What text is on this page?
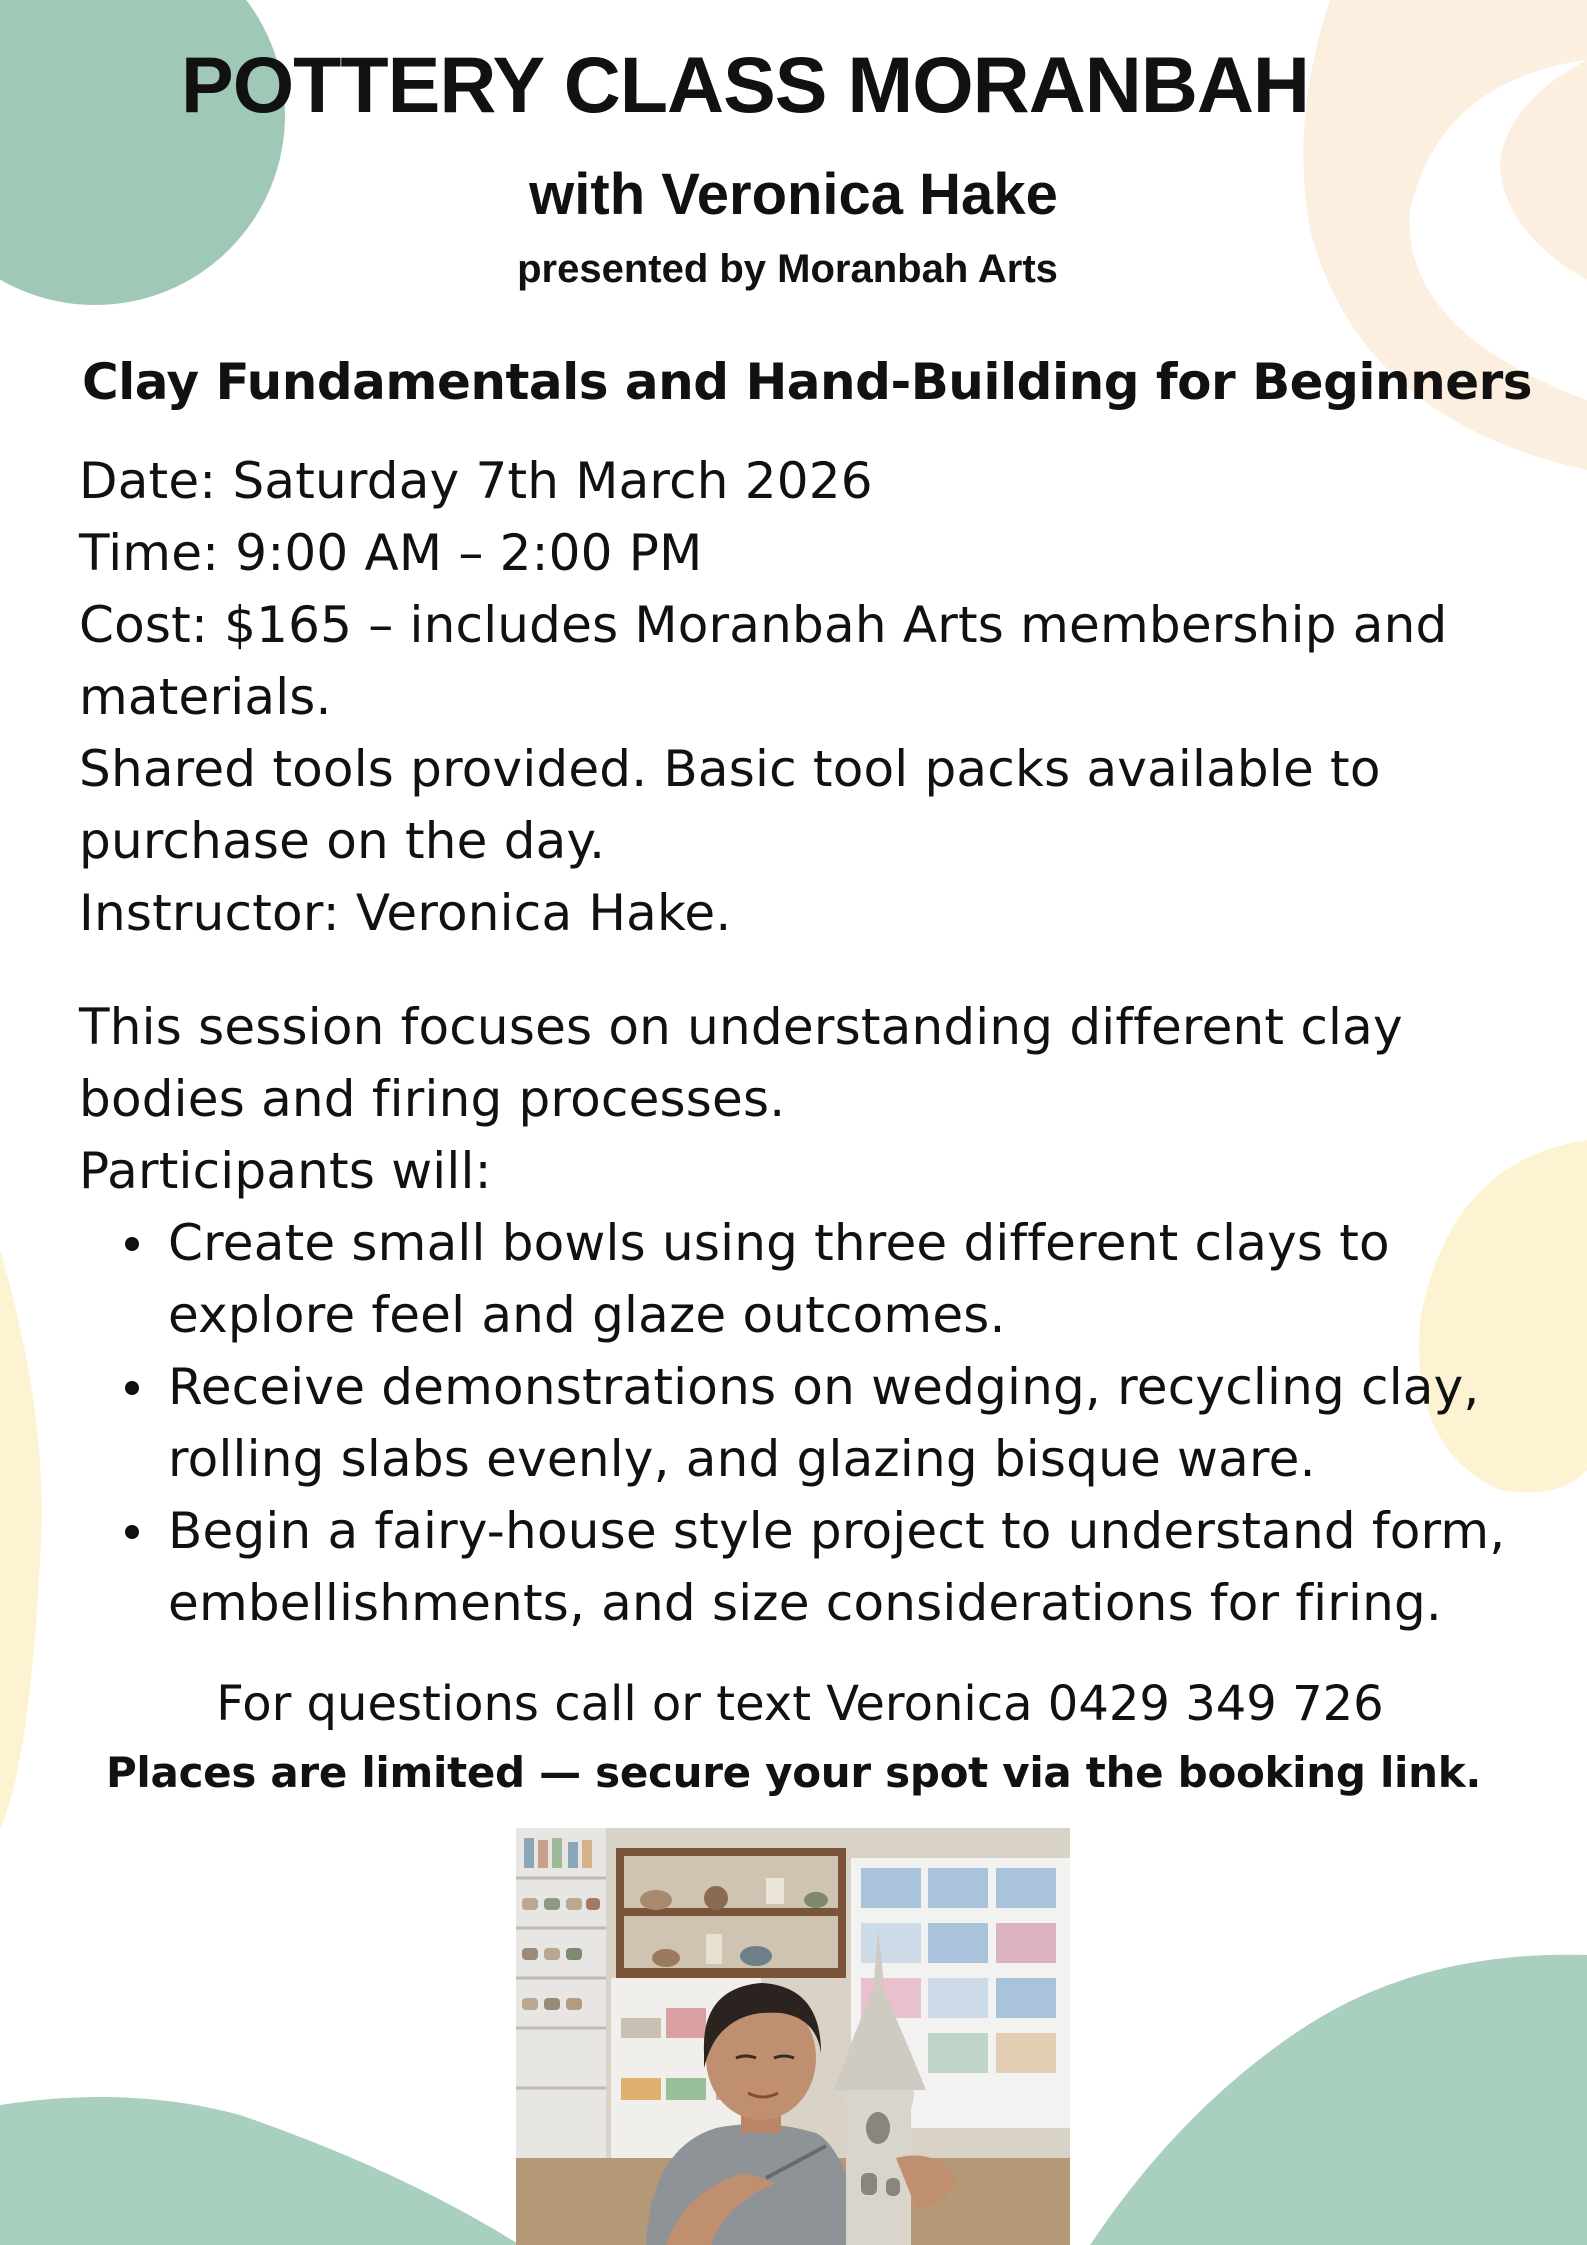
POTTERY CLASS MORANBAH
with Veronica Hake
presented by Moranbah Arts
Clay Fundamentals and Hand-Building for Beginners

Date: Saturday 7th March 2026

Time: 9:00 AM – 2:00 PM

Cost: $165 – includes Moranbah Arts membership and materials.

Shared tools provided. Basic tool packs available to purchase on the day.

Instructor: Veronica Hake.

This session focuses on understanding different clay bodies and firing processes.

Participants will:

Create small bowls using three different clays to explore feel and glaze outcomes.
Receive demonstrations on wedging, recycling clay, rolling slabs evenly, and glazing bisque ware.
Begin a fairy-house style project to understand form, embellishments, and size considerations for firing.

For questions call or text Veronica 0429 349 726

Places are limited — secure your spot via the booking link.
